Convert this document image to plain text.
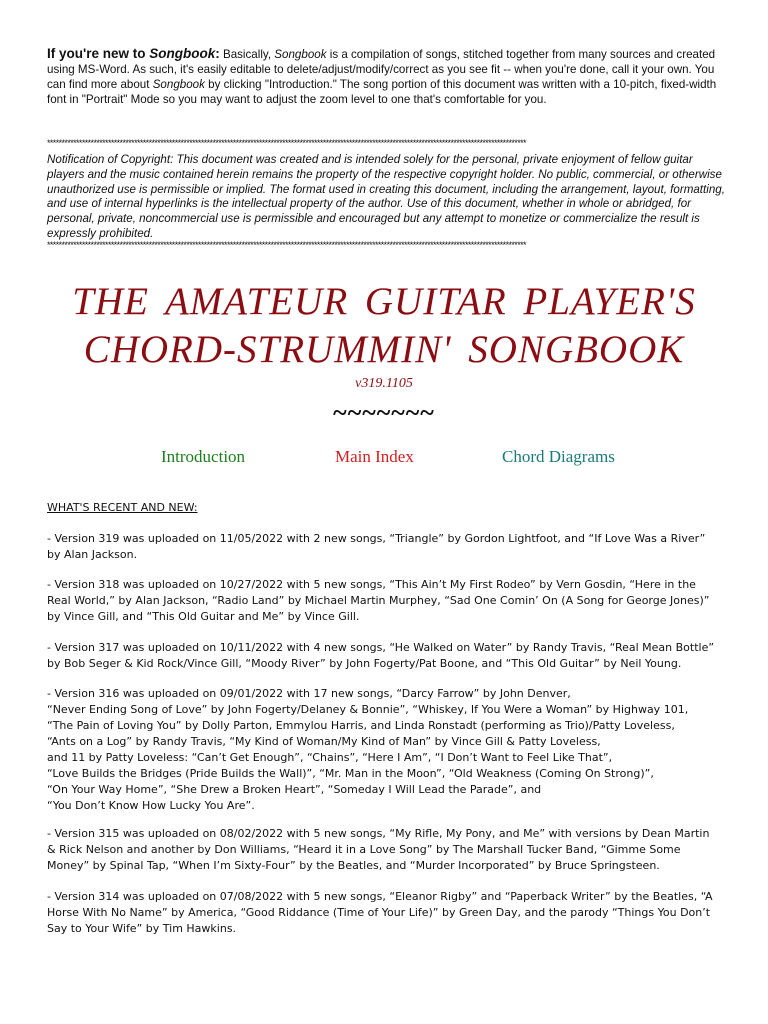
If you're new to Songbook: Basically, Songbook is a compilation of songs, stitched together from many sources and created using MS-Word. As such, it's easily editable to delete/adjust/modify/correct as you see fit -- when you're done, call it your own. You can find more about Songbook by clicking "Introduction." The song portion of this document was written with a 10-pitch, fixed-width font in "Portrait" Mode so you may want to adjust the zoom level to one that's comfortable for you.
*********************************************************************************************************************************************************************
Notification of Copyright: This document was created and is intended solely for the personal, private enjoyment of fellow guitar players and the music contained herein remains the property of the respective copyright holder. No public, commercial, or otherwise unauthorized use is permissible or implied. The format used in creating this document, including the arrangement, layout, formatting, and use of internal hyperlinks is the intellectual property of the author. Use of this document, whether in whole or abridged, for personal, private, noncommercial use is permissible and encouraged but any attempt to monetize or commercialize the result is expressly prohibited.
*********************************************************************************************************************************************************************
THE AMATEUR GUITAR PLAYER'S
CHORD-STRUMMIN' SONGBOOK
v319.1105
~~~~~~~
Introduction	Main Index	Chord Diagrams
WHAT'S RECENT AND NEW:
- Version 319 was uploaded on 11/05/2022 with 2 new songs, “Triangle” by Gordon Lightfoot, and “If Love Was a River”
by Alan Jackson.
- Version 318 was uploaded on 10/27/2022 with 5 new songs, “This Ain’t My First Rodeo” by Vern Gosdin, “Here in the
Real World,” by Alan Jackson, “Radio Land” by Michael Martin Murphey, “Sad One Comin’ On (A Song for George Jones)”
by Vince Gill, and “This Old Guitar and Me” by Vince Gill.
- Version 317 was uploaded on 10/11/2022 with 4 new songs, “He Walked on Water” by Randy Travis, “Real Mean Bottle”
by Bob Seger & Kid Rock/Vince Gill, “Moody River” by John Fogerty/Pat Boone, and “This Old Guitar” by Neil Young.
- Version 316 was uploaded on 09/01/2022 with 17 new songs, “Darcy Farrow” by John Denver,
“Never Ending Song of Love” by John Fogerty/Delaney & Bonnie”, “Whiskey, If You Were a Woman” by Highway 101,
“The Pain of Loving You” by Dolly Parton, Emmylou Harris, and Linda Ronstadt (performing as Trio)/Patty Loveless,
“Ants on a Log” by Randy Travis, “My Kind of Woman/My Kind of Man” by Vince Gill & Patty Loveless,
and 11 by Patty Loveless: “Can’t Get Enough”, “Chains”, “Here I Am”, “I Don’t Want to Feel Like That”,
“Love Builds the Bridges (Pride Builds the Wall)”, “Mr. Man in the Moon”, “Old Weakness (Coming On Strong)”,
“On Your Way Home”, “She Drew a Broken Heart”, “Someday I Will Lead the Parade”, and
“You Don’t Know How Lucky You Are”.
- Version 315 was uploaded on 08/02/2022 with 5 new songs, “My Rifle, My Pony, and Me” with versions by Dean Martin
& Rick Nelson and another by Don Williams, “Heard it in a Love Song” by The Marshall Tucker Band, “Gimme Some
Money” by Spinal Tap, “When I’m Sixty-Four” by the Beatles, and “Murder Incorporated” by Bruce Springsteen.
- Version 314 was uploaded on 07/08/2022 with 5 new songs, “Eleanor Rigby” and “Paperback Writer” by the Beatles, “A
Horse With No Name” by America, “Good Riddance (Time of Your Life)” by Green Day, and the parody “Things You Don’t
Say to Your Wife” by Tim Hawkins.
